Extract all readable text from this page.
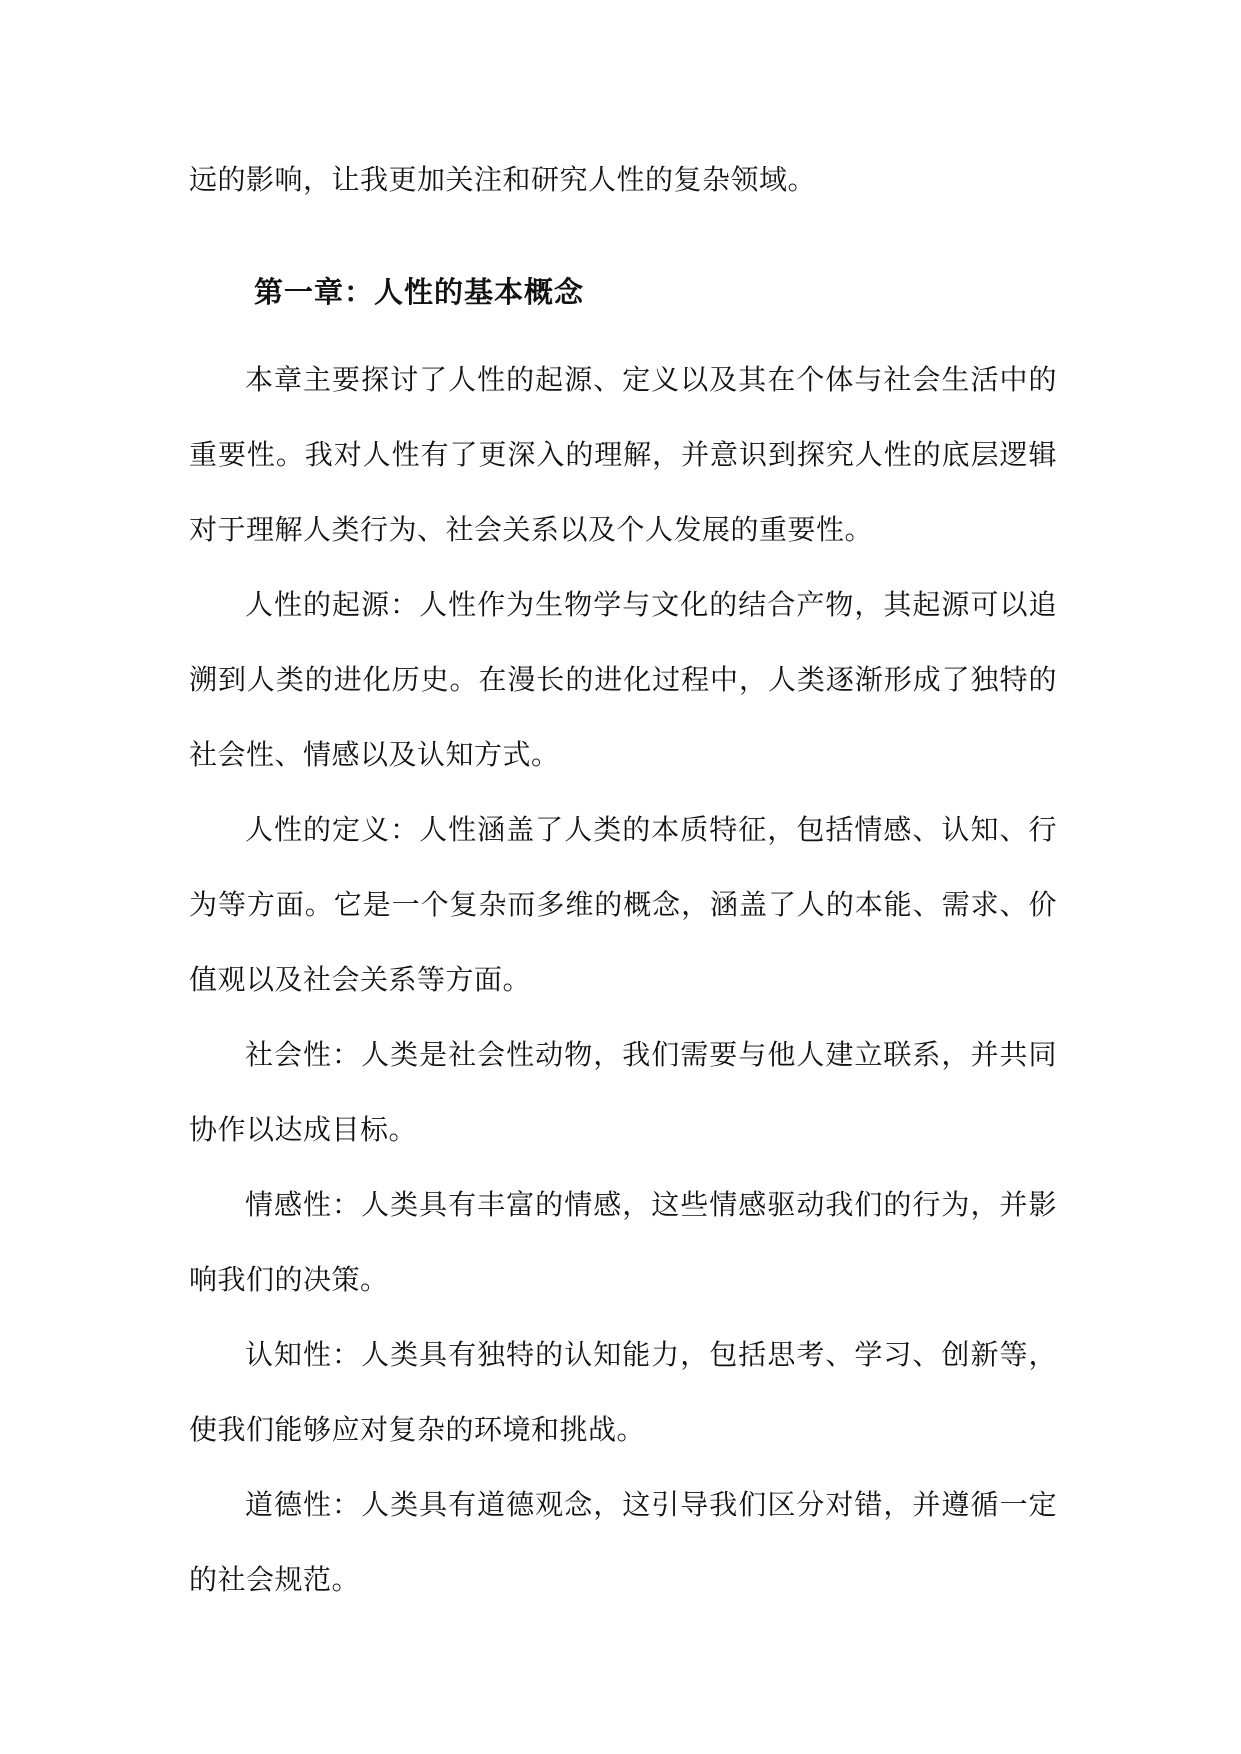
远的影响，让我更加关注和研究人性的复杂领域。

第一章：人性的基本概念

本章主要探讨了人性的起源、定义以及其在个体与社会生活中的重要性。我对人性有了更深入的理解，并意识到探究人性的底层逻辑对于理解人类行为、社会关系以及个人发展的重要性。

人性的起源：人性作为生物学与文化的结合产物，其起源可以追溯到人类的进化历史。在漫长的进化过程中，人类逐渐形成了独特的社会性、情感以及认知方式。

人性的定义：人性涵盖了人类的本质特征，包括情感、认知、行为等方面。它是一个复杂而多维的概念，涵盖了人的本能、需求、价值观以及社会关系等方面。

社会性：人类是社会性动物，我们需要与他人建立联系，并共同协作以达成目标。

情感性：人类具有丰富的情感，这些情感驱动我们的行为，并影响我们的决策。

认知性：人类具有独特的认知能力，包括思考、学习、创新等，使我们能够应对复杂的环境和挑战。

道德性：人类具有道德观念，这引导我们区分对错，并遵循一定的社会规范。
